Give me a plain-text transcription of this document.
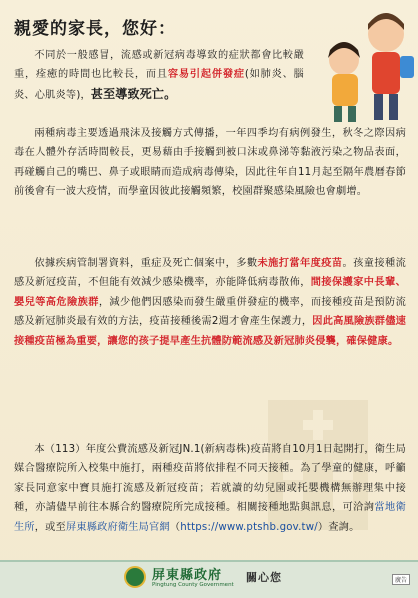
親愛的家長，您好：

不同於一般感冒，流感或新冠病毒導致的症狀都會比較嚴重，痊癒的時間也比較長，而且容易引起併發症(如肺炎、腦炎、心肌炎等)，甚至導致死亡。

兩種病毒主要透過飛沫及接觸方式傳播，一年四季均有病例發生，秋冬之際因病毒在人體外存活時間較長，更易藉由手接觸到被口沫或鼻涕等黏液污染之物品表面，再碰觸自己的嘴巴、鼻子或眼睛而造成病毒傳染，因此往年自11月起至隔年農曆春節前後會有一波大疫情，而學童因彼此接觸頻繁，校園群聚感染風險也會劇增。

依據疾病管制署資料，重症及死亡個案中，多數未施打當年度疫苗。孩童接種流感及新冠疫苗，不但能有效減少感染機率，亦能降低病毒散佈，間接保護家中長輩、嬰兒等高危險族群，減少他們因感染而發生嚴重併發症的機率，而接種疫苗是預防流感及新冠肺炎最有效的方法，疫苗接種後需2週才會產生保護力，因此高風險族群儘速接種疫苗極為重要，讓您的孩子提早產生抗體防範流感及新冠肺炎侵襲，確保健康。

本（113）年度公費流感及新冠JN.1(新病毒株)疫苗將自10月1日起開打，衛生局媒合醫療院所入校集中施打，兩種疫苗將依排程不同天接種。為了學童的健康，呼籲家長同意家中寶貝施打流感及新冠疫苗；若就讀的幼兒園或托嬰機構無辦理集中接種，亦請儘早前往本縣合約醫療院所完成接種。相關接種地點與訊息，可洽詢當地衛生所，或至屏東縣政府衛生局官網（https://www.ptshb.gov.tw/）查詢。

屏東縣政府
Pingtung County Government
關心您	廣告
